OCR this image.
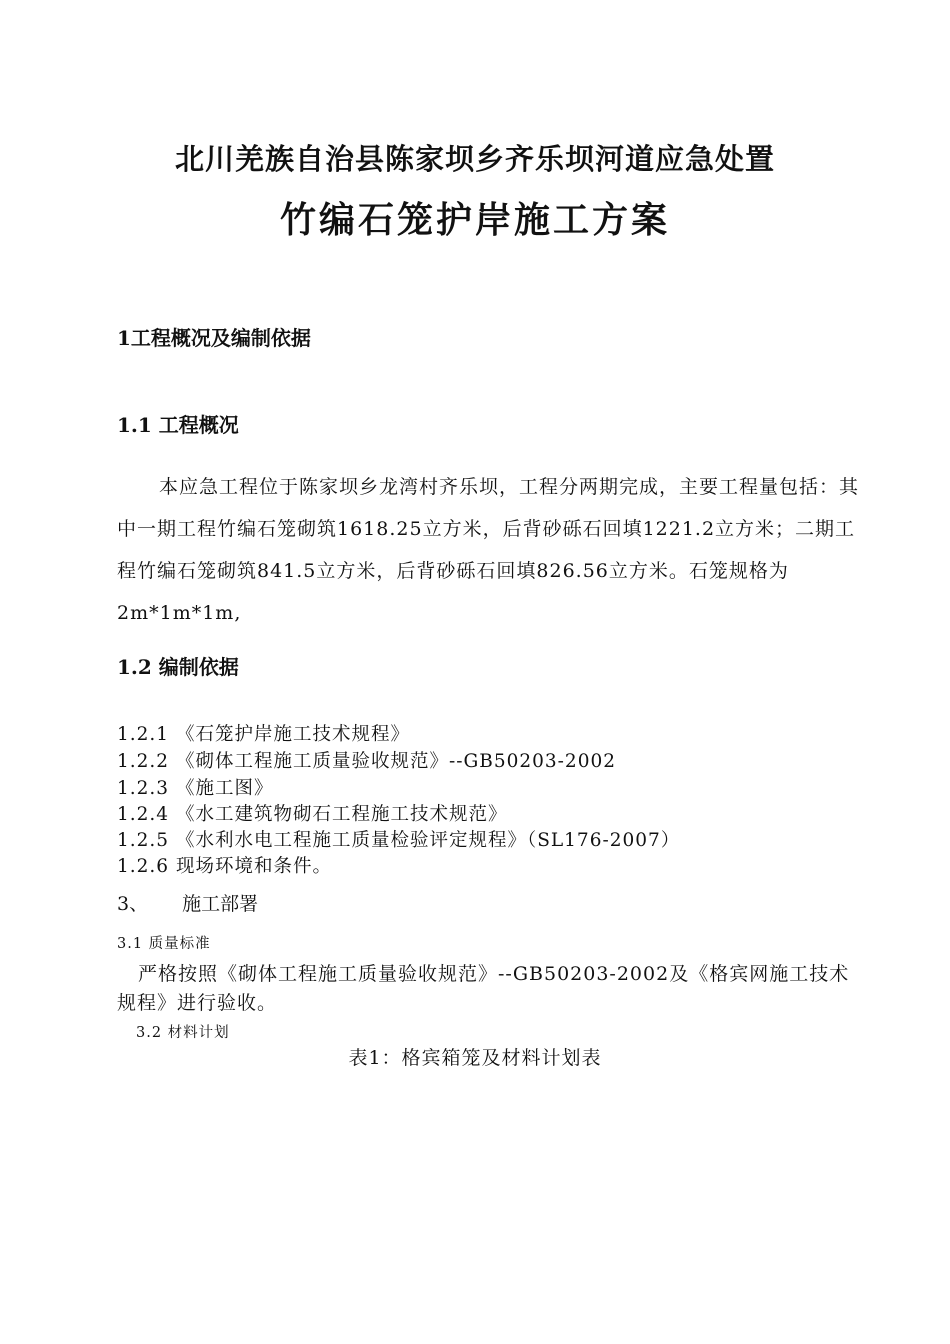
北川羌族自治县陈家坝乡齐乐坝河道应急处置
竹编石笼护岸施工方案
1工程概况及编制依据
1.1 工程概况
本应急工程位于陈家坝乡龙湾村齐乐坝，工程分两期完成，主要工程量包括：其中一期工程竹编石笼砌筑1618.25立方米，后背砂砾石回填1221.2立方米；二期工程竹编石笼砌筑841.5立方米，后背砂砾石回填826.56立方米。石笼规格为2m*1m*1m,
1.2 编制依据
1.2.1 《石笼护岸施工技术规程》
1.2.2 《砌体工程施工质量验收规范》--GB50203-2002
1.2.3 《施工图》
1.2.4 《水工建筑物砌石工程施工技术规范》
1.2.5 《水利水电工程施工质量检验评定规程》（SL176-2007）
1.2.6 现场环境和条件。
3、 施工部署
3.1 质量标准
严格按照《砌体工程施工质量验收规范》--GB50203-2002及《格宾网施工技术规程》进行验收。
3.2 材料计划
表1：格宾箱笼及材料计划表
